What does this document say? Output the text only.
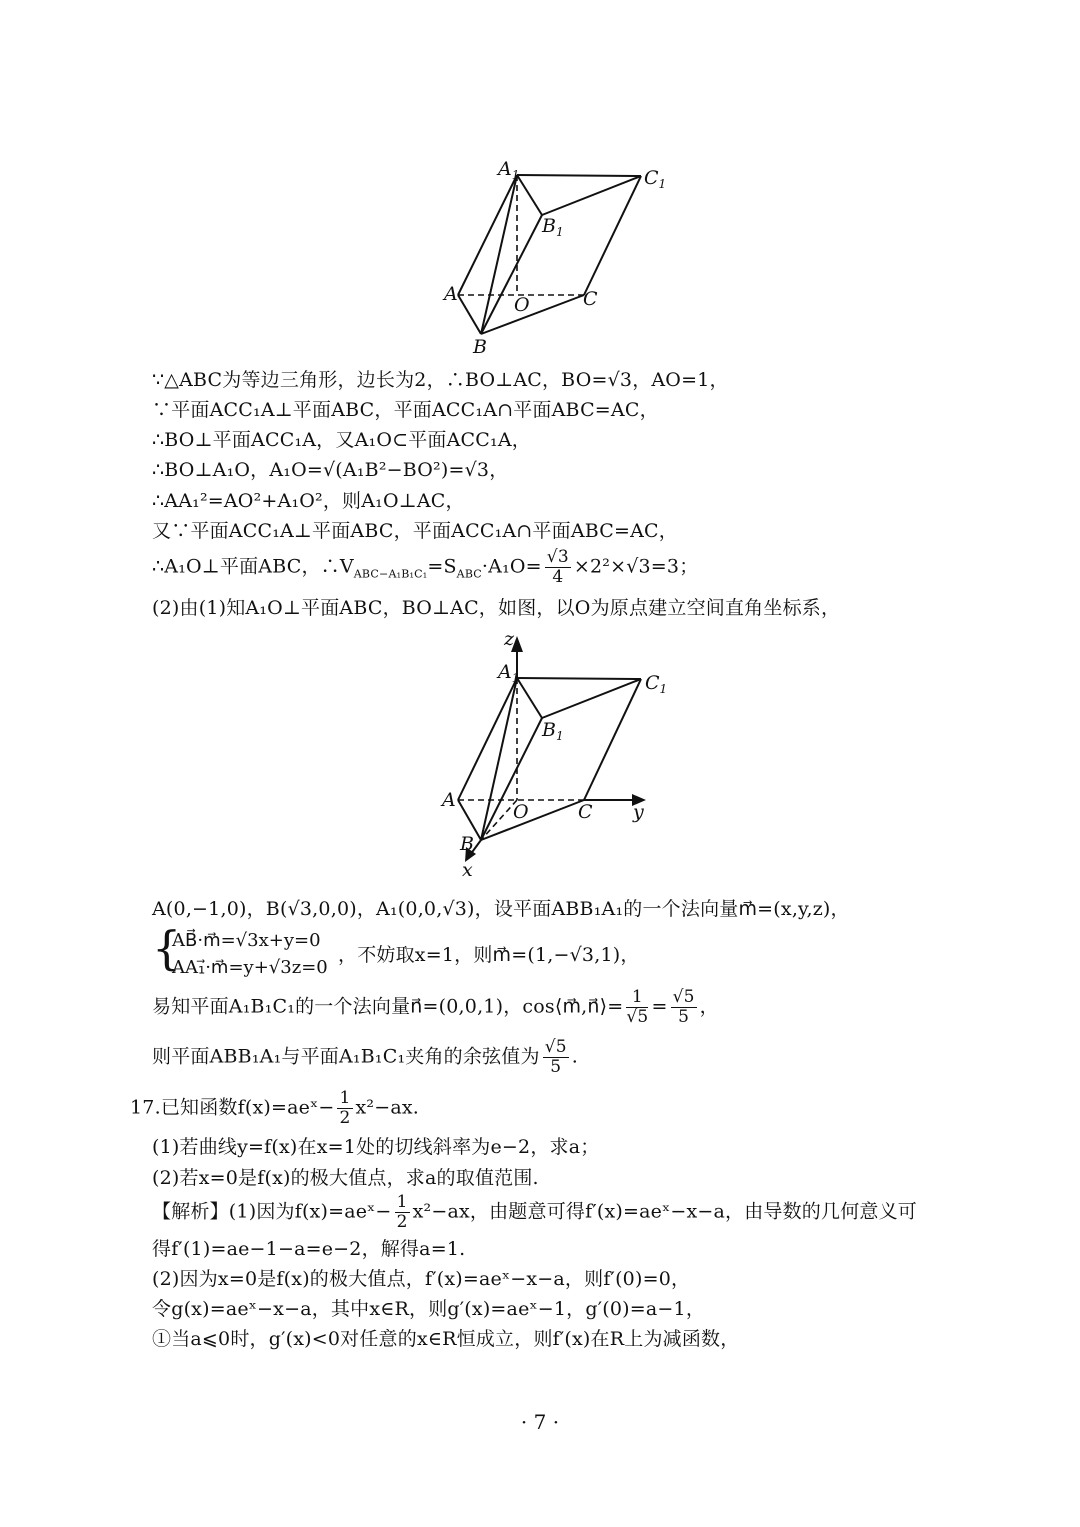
$A_1$	$C_1$
$B_1$
A	O	C
B
∵△ABC为等边三角形，边长为2，∴BO⊥AC，BO=√3，AO=1，
∵平面ACC₁A⊥平面ABC，平面ACC₁A∩平面ABC=AC，
∴BO⊥平面ACC₁A，又A₁O⊂平面ACC₁A，
∴BO⊥A₁O，A₁O=√(A₁B²−BO²)=√3，
∴AA₁²=AO²+A₁O²，则A₁O⊥AC，
又∵平面ACC₁A⊥平面ABC，平面ACC₁A∩平面ABC=AC，
∴A₁O⊥平面ABC，$\therefore V_{ABC-A_1B_1C_1}=S_{ABC}\cdot A_1O= \frac{√3}{4} \times 2^2\times√3=3$；
(2)由(1)知A₁O⊥平面ABC，BO⊥AC，如图，以O为原点建立空间直角坐标系，
z
$A_1$	$C_1$
$B_1$
A
O	C y
B
x
A(0,−1,0)，B(√3,0,0)，A₁(0,0,√3)，设平面ABB₁A₁的一个法向量m⃗=(x,y,z)，
{
AB⃗·m⃗=√3x+y=0
AA₁⃗·m⃗=y+√3z=0
，不妨取x=1，则m⃗=(1,−√3,1)，
易知平面A₁B₁C₁的一个法向量n⃗=(0,0,1)，cos⟨m⃗,n⃗⟩= $\frac{1}{√5} = \frac{√5}{5}$ ，
则平面ABB₁A₁与平面A₁B₁C₁夹角的余弦值为 $\frac{√5}{5}$ .
17.已知函数f(x)=aeˣ− $\frac{1}{2} x^2-ax$.
(1)若曲线y=f(x)在x=1处的切线斜率为e−2，求a；
(2)若x=0是f(x)的极大值点，求a的取值范围.
【解析】(1)因为f(x)=aeˣ− $\frac{1}{2} x^2-ax$，由题意可得f′(x)=aeˣ−x−a，由导数的几何意义可
得f′(1)=ae−1−a=e−2，解得a=1.
(2)因为x=0是f(x)的极大值点，f′(x)=aeˣ−x−a，则f′(0)=0，
令g(x)=aeˣ−x−a，其中x∈R，则g′(x)=aeˣ−1，g′(0)=a−1，
①当a⩽0时，g′(x)<0对任意的x∈R恒成立，则f′(x)在R上为减函数，
· 7 ·
